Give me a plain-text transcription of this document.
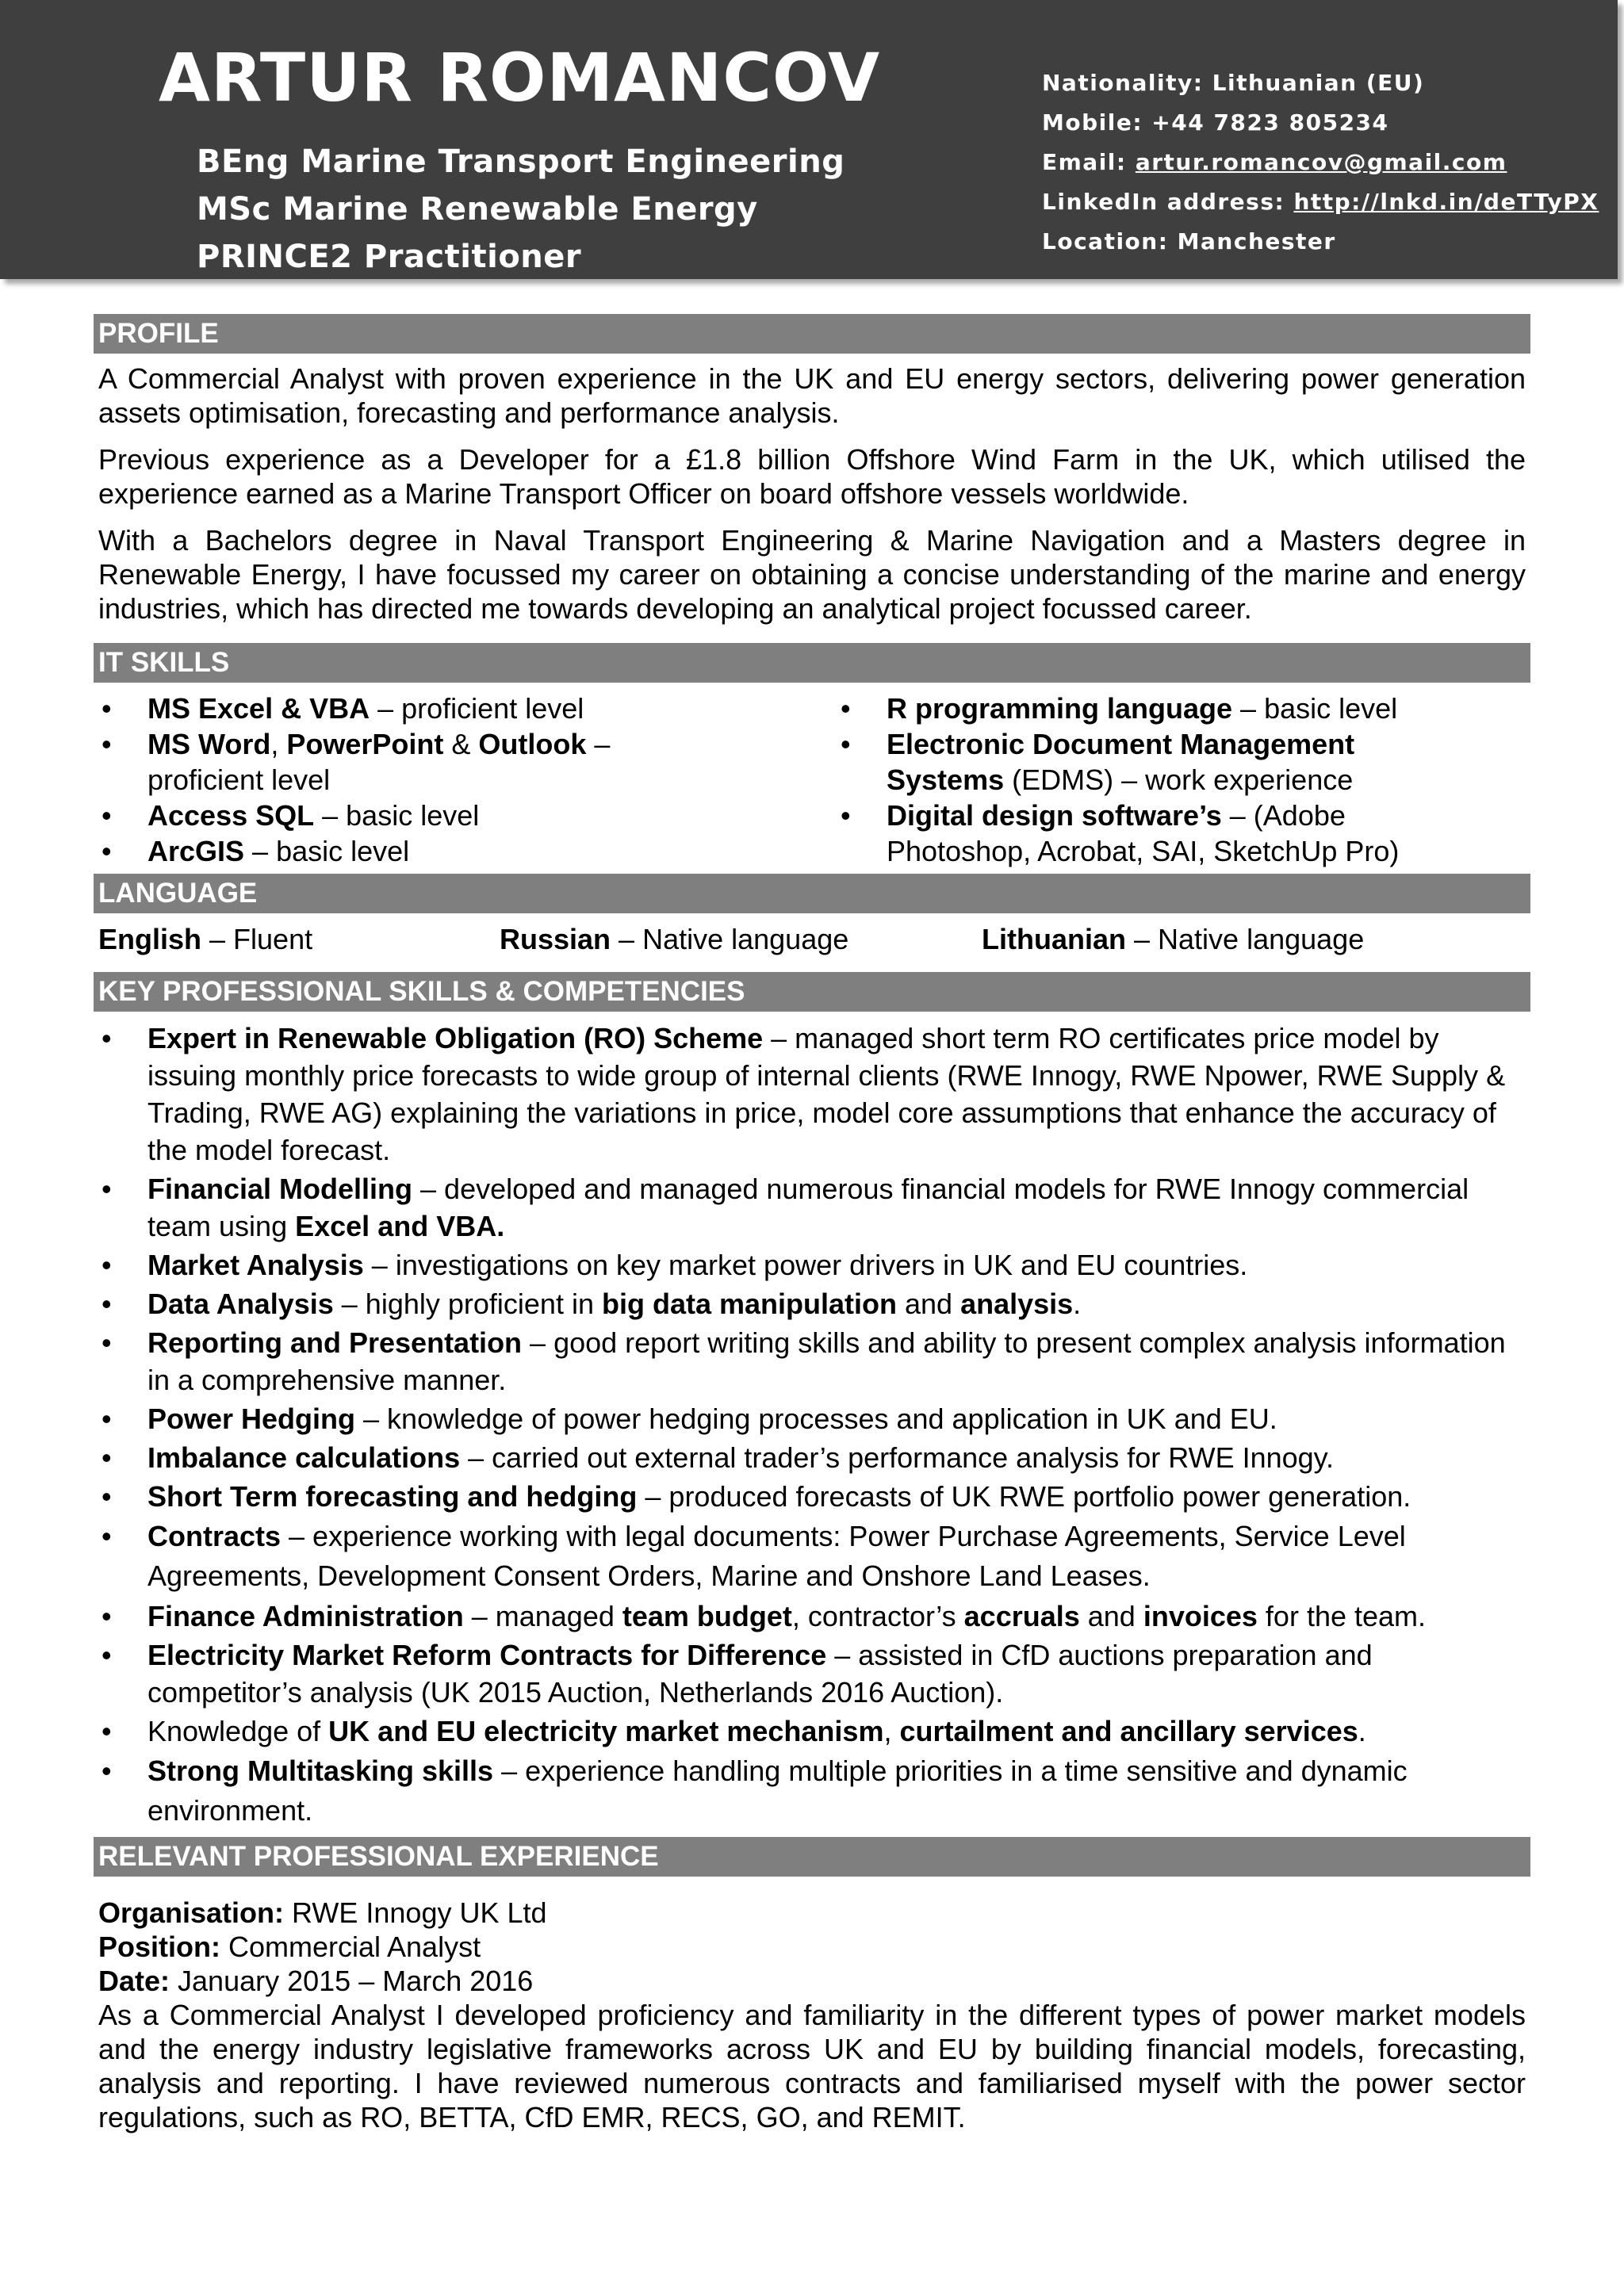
ARTUR ROMANCOV
BEng Marine Transport Engineering
MSc Marine Renewable Energy
PRINCE2 Practitioner
Nationality: Lithuanian (EU)
Mobile: +44 7823 805234
Email: artur.romancov@gmail.com
LinkedIn address: http://lnkd.in/deTTyPX
Location: Manchester
PROFILE

A Commercial Analyst with proven experience in the UK and EU energy sectors, delivering power generation assets optimisation, forecasting and performance analysis.

Previous experience as a Developer for a £1.8 billion Offshore Wind Farm in the UK, which utilised the experience earned as a Marine Transport Officer on board offshore vessels worldwide.

With a Bachelors degree in Naval Transport Engineering & Marine Navigation and a Masters degree in Renewable Energy, I have focussed my career on obtaining a concise understanding of the marine and energy industries, which has directed me towards developing an analytical project focussed career.

IT SKILLS
• MS Excel & VBA – proficient level
• MS Word, PowerPoint & Outlook – proficient level
• Access SQL – basic level
• ArcGIS – basic level
• R programming language – basic level
• Electronic Document Management Systems (EDMS) – work experience
• Digital design software’s – (Adobe Photoshop, Acrobat, SAI, SketchUp Pro)
LANGUAGE
English – Fluent	Russian – Native language	Lithuanian – Native language
KEY PROFESSIONAL SKILLS & COMPETENCIES
• Expert in Renewable Obligation (RO) Scheme – managed short term RO certificates price model by issuing monthly price forecasts to wide group of internal clients (RWE Innogy, RWE Npower, RWE Supply & Trading, RWE AG) explaining the variations in price, model core assumptions that enhance the accuracy of the model forecast.
• Financial Modelling – developed and managed numerous financial models for RWE Innogy commercial team using Excel and VBA.
• Market Analysis – investigations on key market power drivers in UK and EU countries.
• Data Analysis – highly proficient in big data manipulation and analysis.
• Reporting and Presentation – good report writing skills and ability to present complex analysis information in a comprehensive manner.
• Power Hedging – knowledge of power hedging processes and application in UK and EU.
• Imbalance calculations – carried out external trader’s performance analysis for RWE Innogy.
• Short Term forecasting and hedging – produced forecasts of UK RWE portfolio power generation.
• Contracts – experience working with legal documents: Power Purchase Agreements, Service Level Agreements, Development Consent Orders, Marine and Onshore Land Leases.
• Finance Administration – managed team budget, contractor’s accruals and invoices for the team.
• Electricity Market Reform Contracts for Difference – assisted in CfD auctions preparation and competitor’s analysis (UK 2015 Auction, Netherlands 2016 Auction).
• Knowledge of UK and EU electricity market mechanism, curtailment and ancillary services.
• Strong Multitasking skills – experience handling multiple priorities in a time sensitive and dynamic environment.
RELEVANT PROFESSIONAL EXPERIENCE
Organisation: RWE Innogy UK Ltd
Position: Commercial Analyst
Date: January 2015 – March 2016

As a Commercial Analyst I developed proficiency and familiarity in the different types of power market models and the energy industry legislative frameworks across UK and EU by building financial models, forecasting, analysis and reporting. I have reviewed numerous contracts and familiarised myself with the power sector regulations, such as RO, BETTA, CfD EMR, RECS, GO, and REMIT.
